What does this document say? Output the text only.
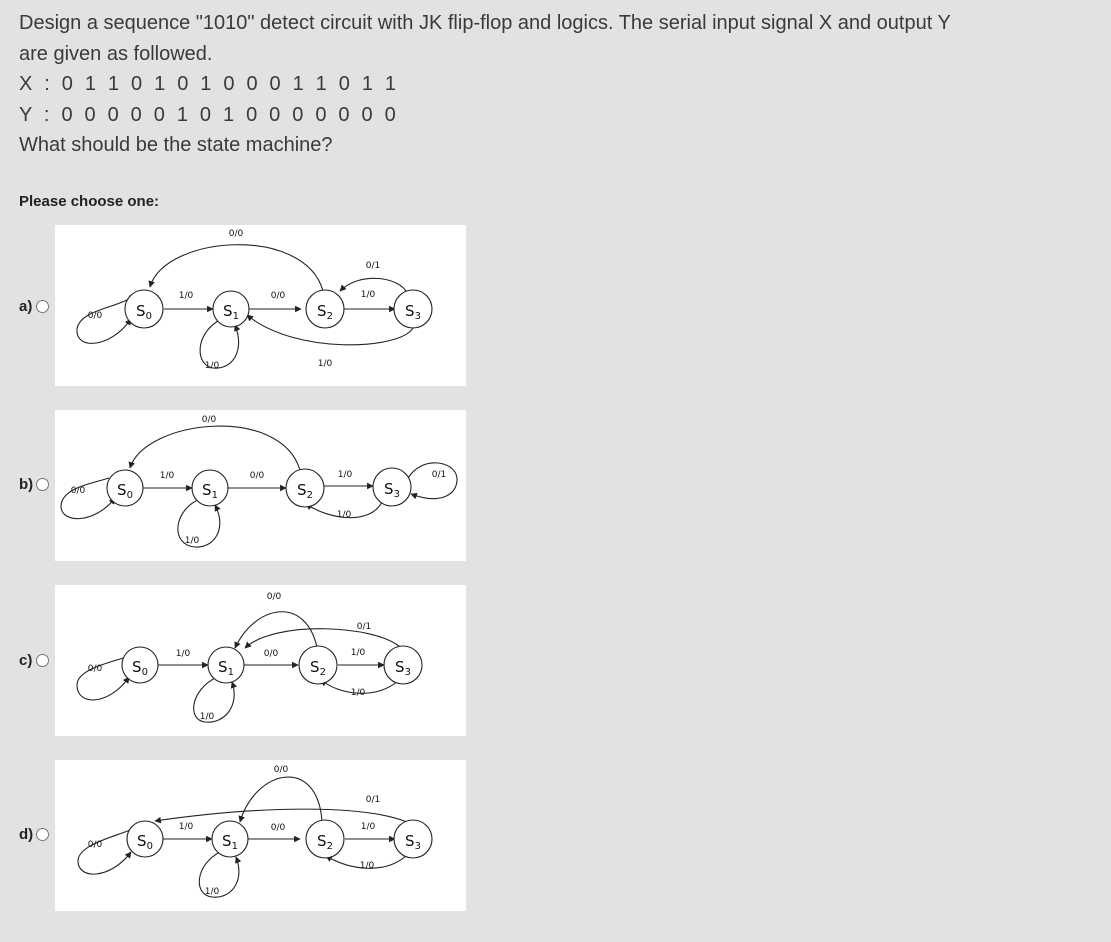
Design a sequence "1010" detect circuit with JK flip-flop and logics. The serial input signal X and output Y

are given as followed.

X : 0 1 1 0 1 0 1 0 0 0 1 1 0 1 1

Y : 0 0 0 0 0 1 0 1 0 0 0 0 0 0 0

What should be the state machine?

Please choose one:
a)	$S_0$	$S_1$	$S_2$	$S_3$
0/0
0/1
1/0	0/0	1/0
0/0
1/0	1/0
b)	$S_0$	$S_1$	$S_2$	$S_3$
0/0
1/0	0/0	1/0	0/1
0/0
1/0
1/0
c)	$S_0$	$S_1$	$S_2$	$S_3$
0/0
0/1
1/0	0/0	1/0
0/0
1/0
1/0
d)	$S_0$	$S_1$	$S_2$	$S_3$
0/0
0/1
1/0	0/0	1/0
0/0
1/0
1/0
